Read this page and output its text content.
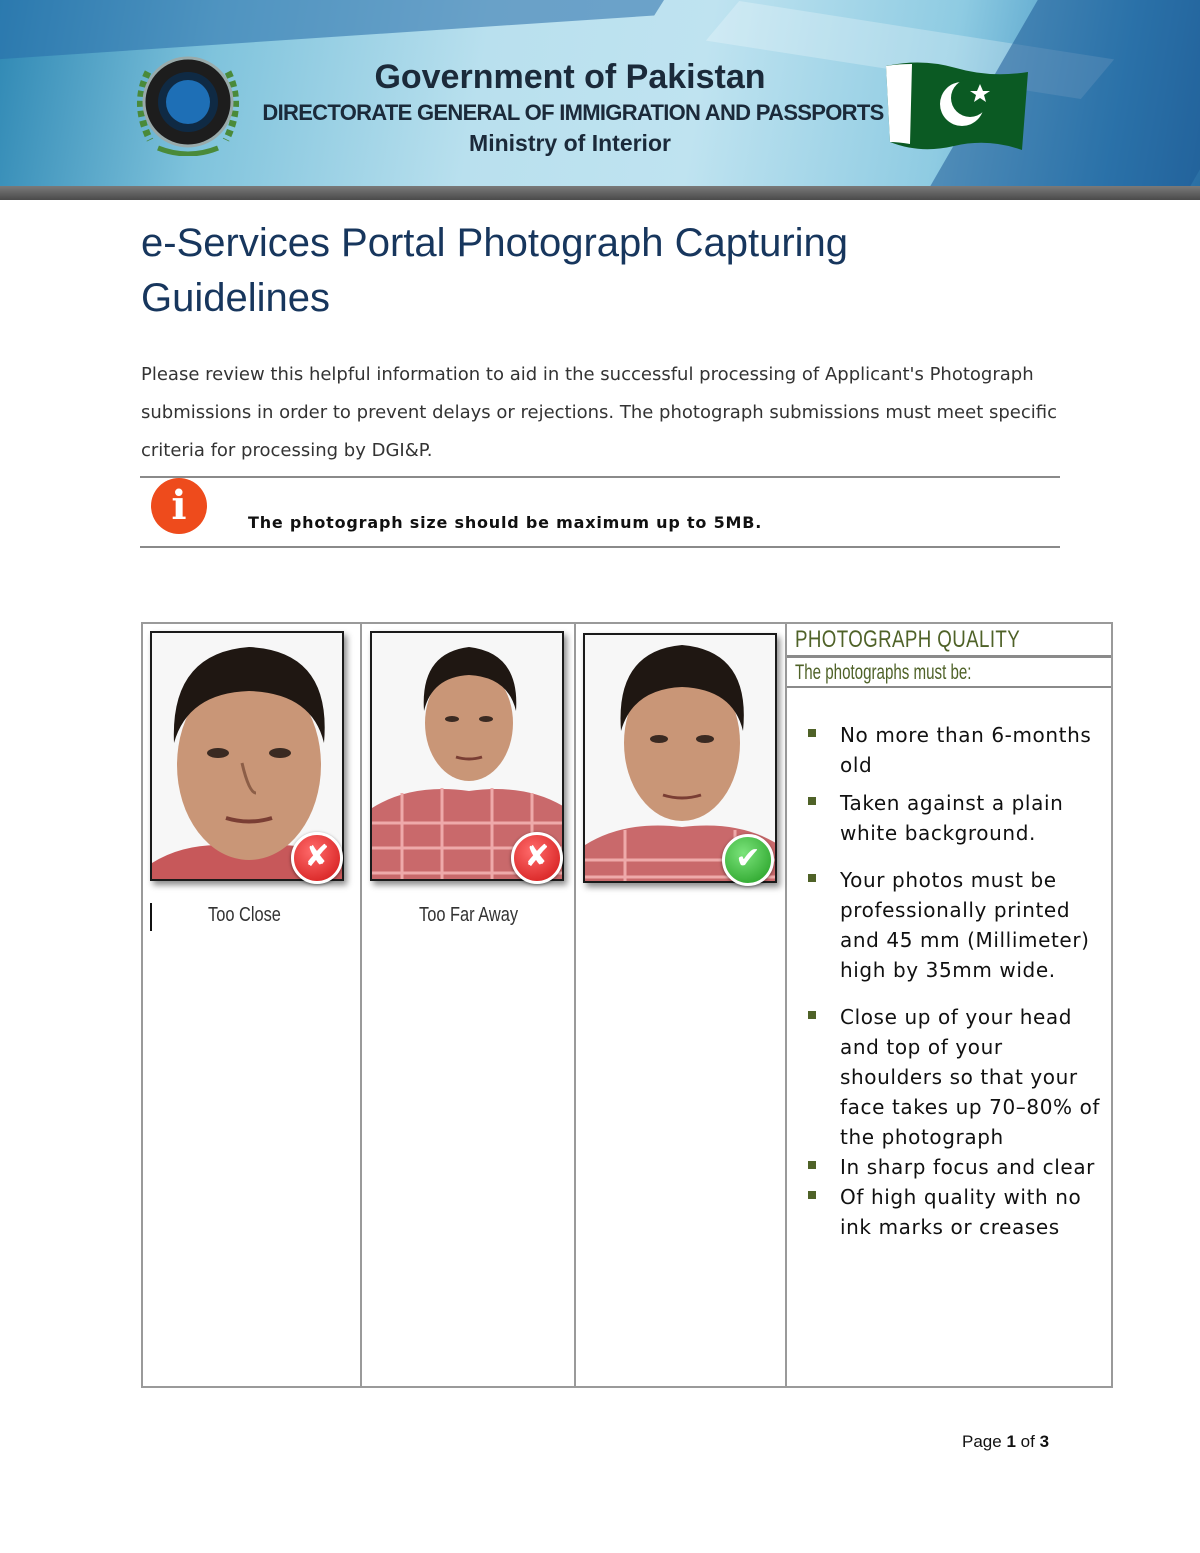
Government of Pakistan
DIRECTORATE GENERAL OF IMMIGRATION AND PASSPORTS
Ministry of Interior
e-Services Portal Photograph Capturing
Guidelines
Please review this helpful information to aid in the successful processing of Applicant's Photograph submissions in order to prevent delays or rejections. The photograph submissions must meet specific criteria for processing by DGI&P.
i	The photograph size should be maximum up to 5MB.
✘	✘	✔
Too Close	Too Far Away
PHOTOGRAPH QUALITY
The photographs must be:
No more than 6-months old
Taken against a plain white background.
Your photos must be professionally printed and 45 mm (Millimeter) high by 35mm wide.
Close up of your head and top of your shoulders so that your face takes up 70–80% of the photograph
In sharp focus and clear
Of high quality with no ink marks or creases
Page 1 of 3
